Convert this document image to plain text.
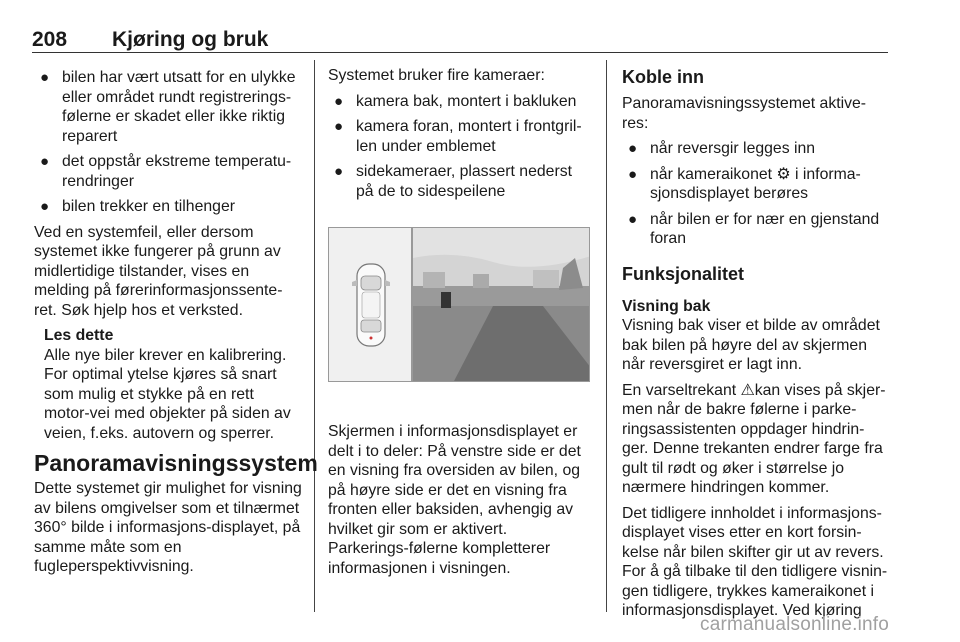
208 Kjøring og bruk
● bilen har vært utsatt for en ulykke eller området rundt registrerings-følerne er skadet eller ikke riktig reparert
● det oppstår ekstreme temperatu-rendringer
● bilen trekker en tilhenger

Ved en systemfeil, eller dersom systemet ikke fungerer på grunn av midlertidige tilstander, vises en melding på førerinformasjonssente-ret. Søk hjelp hos et verksted.

Les dette
Alle nye biler krever en kalibrering. For optimal ytelse kjøres så snart som mulig et stykke på en rett motor-vei med objekter på siden av veien, f.eks. autovern og sperrer.
Panoramavisningssystem

Dette systemet gir mulighet for visning av bilens omgivelser som et tilnærmet 360° bilde i informasjons-displayet, på samme måte som en fugleperspektivvisning.

Systemet bruker fire kameraer:

● kamera bak, montert i bakluken
● kamera foran, montert i frontgril-len under emblemet
● sidekameraer, plassert nederst på de to sidespeilene

Skjermen i informasjonsdisplayet er delt i to deler: På venstre side er det en visning fra oversiden av bilen, og på høyre side er det en visning fra fronten eller baksiden, avhengig av hvilket gir som er aktivert. Parkerings-følerne kompletterer informasjonen i visningen.

Koble inn

Panoramavisningssystemet aktive-res:

● når reversgir legges inn
● når kameraikonet ⚙ i informa-sjonsdisplayet berøres
● når bilen er for nær en gjenstand foran
Funksjonalitet
Visning bak

Visning bak viser et bilde av området bak bilen på høyre del av skjermen når reversgiret er lagt inn.

En varseltrekant ⚠kan vises på skjer-men når de bakre følerne i parke-ringsassistenten oppdager hindrin-ger. Denne trekanten endrer farge fra gult til rødt og øker i størrelse jo nærmere hindringen kommer.

Det tidligere innholdet i informasjons-displayet vises etter en kort forsin-kelse når bilen skifter gir ut av revers. For å gå tilbake til den tidligere visnin-gen tidligere, trykkes kameraikonet i informasjonsdisplayet. Ved kjøring

carmanualsonline.info
